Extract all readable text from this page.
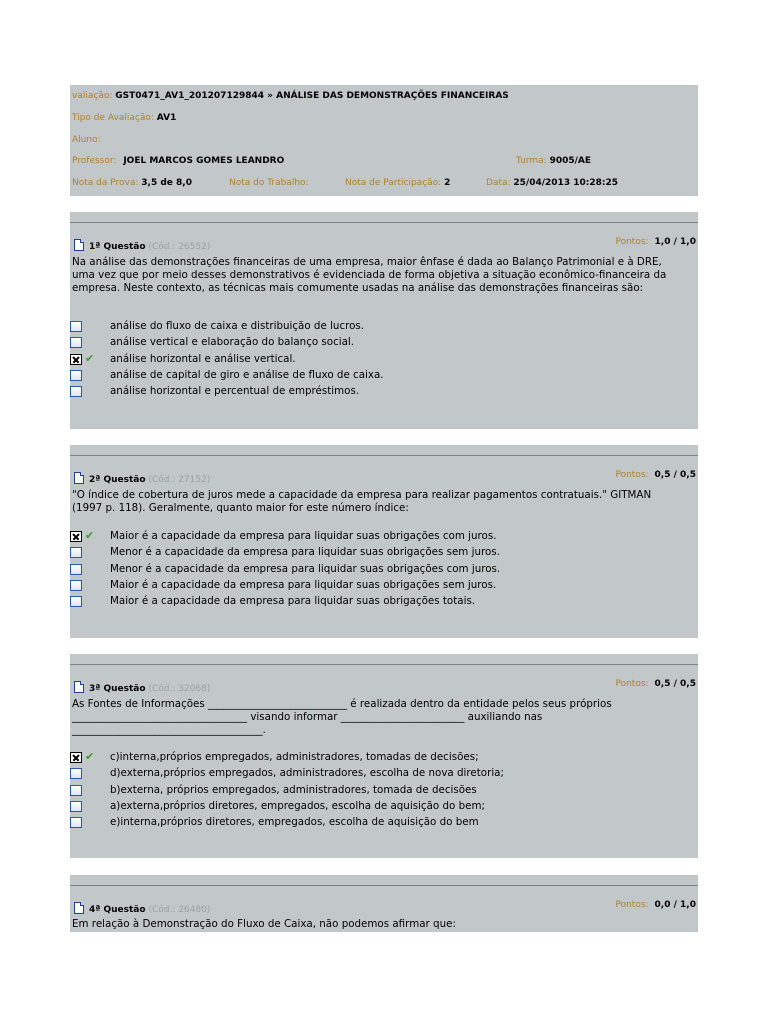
valiação: GST0471_AV1_201207129844 » ANÁLISE DAS DEMONSTRAÇÕES FINANCEIRAS
Tipo de Avaliação: AV1
Aluno:
Professor: JOEL MARCOS GOMES LEANDRO	Turma: 9005/AE
Nota da Prova: 3,5 de 8,0	Nota do Trabalho:	Nota de Participação: 2	Data: 25/04/2013 10:28:25
1ª Questão (Cód.: 26552)	Pontos: 1,0 / 1,0
Na análise das demonstrações financeiras de uma empresa, maior ênfase é dada ao Balanço Patrimonial e à DRE, uma vez que por meio desses demonstrativos é evidenciada de forma objetiva a situação econômico-financeira da empresa. Neste contexto, as técnicas mais comumente usadas na análise das demonstrações financeiras são:
análise do fluxo de caixa e distribuição de lucros.
análise vertical e elaboração do balanço social.
✔ análise horizontal e análise vertical.
análise de capital de giro e análise de fluxo de caixa.
análise horizontal e percentual de empréstimos.
2ª Questão (Cód.: 27152)	Pontos: 0,5 / 0,5
"O índice de cobertura de juros mede a capacidade da empresa para realizar pagamentos contratuais." GITMAN (1997 p. 118). Geralmente, quanto maior for este número índice:
✔ Maior é a capacidade da empresa para liquidar suas obrigações com juros.
Menor é a capacidade da empresa para liquidar suas obrigações sem juros.
Menor é a capacidade da empresa para liquidar suas obrigações com juros.
Maior é a capacidade da empresa para liquidar suas obrigações sem juros.
Maior é a capacidade da empresa para liquidar suas obrigações totais.
3ª Questão (Cód.: 32068)	Pontos: 0,5 / 0,5
As Fontes de Informações ___________________________ é realizada dentro da entidade pelos seus próprios __________________________________ visando informar ________________________ auxiliando nas _____________________________________.
✔ c)interna,próprios empregados, administradores, tomadas de decisões;
d)externa,próprios empregados, administradores, escolha de nova diretoria;
b)externa, próprios empregados, administradores, tomada de decisões
a)externa,próprios diretores, empregados, escolha de aquisição do bem;
e)interna,próprios diretores, empregados, escolha de aquisição do bem
4ª Questão (Cód.: 26480)	Pontos: 0,0 / 1,0
Em relação à Demonstração do Fluxo de Caixa, não podemos afirmar que:
